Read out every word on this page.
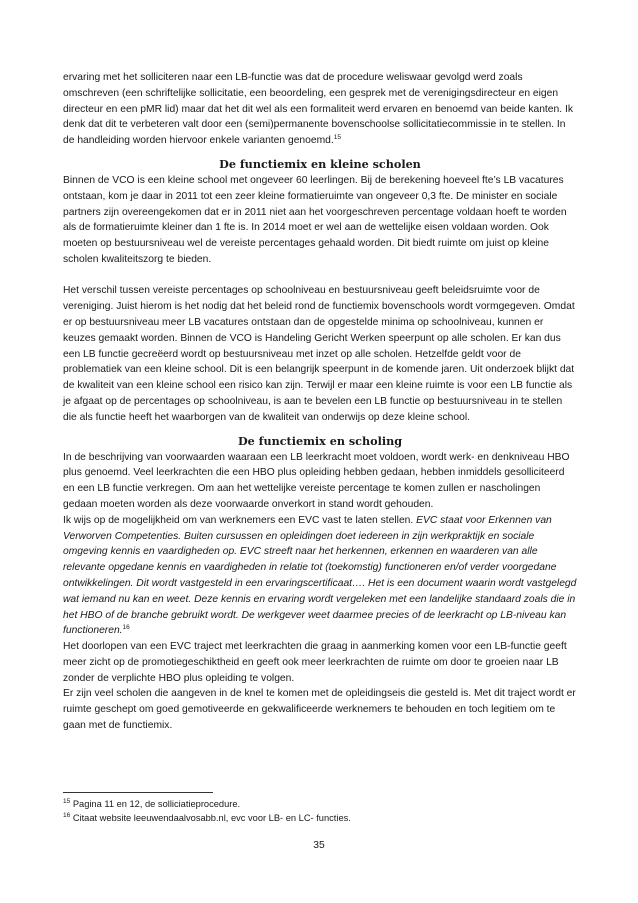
ervaring met het solliciteren naar een LB-functie was dat de procedure weliswaar gevolgd werd zoals omschreven (een schriftelijke sollicitatie, een beoordeling, een gesprek met de verenigingsdirecteur en eigen directeur en een pMR lid) maar dat het dit wel als een formaliteit werd ervaren en benoemd van beide kanten. Ik denk dat dit te verbeteren valt door een (semi)permanente bovenschoolse sollicitatiecommissie in te stellen. In de handleiding worden hiervoor enkele varianten genoemd.$^{15}$

De functiemix en kleine scholen

Binnen de VCO is een kleine school met ongeveer 60 leerlingen. Bij de berekening hoeveel fte’s LB vacatures ontstaan, kom je daar in 2011 tot een zeer kleine formatieruimte van ongeveer 0,3 fte. De minister en sociale partners zijn overeengekomen dat er in 2011 niet aan het voorgeschreven percentage voldaan hoeft te worden als de formatieruimte kleiner dan 1 fte is. In 2014 moet er wel aan de wettelijke eisen voldaan worden. Ook moeten op bestuursniveau wel de vereiste percentages gehaald worden. Dit biedt ruimte om juist op kleine scholen kwaliteitszorg te bieden.

Het verschil tussen vereiste percentages op schoolniveau en bestuursniveau geeft beleidsruimte voor de vereniging. Juist hierom is het nodig dat het beleid rond de functiemix bovenschools wordt vormgegeven. Omdat er op bestuursniveau meer LB vacatures ontstaan dan de opgestelde minima op schoolniveau, kunnen er keuzes gemaakt worden. Binnen de VCO is Handeling Gericht Werken speerpunt op alle scholen. Er kan dus een LB functie gecreëerd wordt op bestuursniveau met inzet op alle scholen. Hetzelfde geldt voor de problematiek van een kleine school. Dit is een belangrijk speerpunt in de komende jaren. Uit onderzoek blijkt dat de kwaliteit van een kleine school een risico kan zijn. Terwijl er maar een kleine ruimte is voor een LB functie als je afgaat op de percentages op schoolniveau, is aan te bevelen een LB functie op bestuursniveau in te stellen die als functie heeft het waarborgen van de kwaliteit van onderwijs op deze kleine school.

De functiemix en scholing

In de beschrijving van voorwaarden waaraan een LB leerkracht moet voldoen, wordt werk- en denkniveau HBO plus genoemd. Veel leerkrachten die een HBO plus opleiding hebben gedaan, hebben inmiddels gesolliciteerd en een LB functie verkregen. Om aan het wettelijke vereiste percentage te komen zullen er nascholingen gedaan moeten worden als deze voorwaarde onverkort in stand wordt gehouden.

Ik wijs op de mogelijkheid om van werknemers een EVC vast te laten stellen. EVC staat voor Erkennen van Verworven Competenties. Buiten cursussen en opleidingen doet iedereen in zijn werkpraktijk en sociale omgeving kennis en vaardigheden op. EVC streeft naar het herkennen, erkennen en waarderen van alle relevante opgedane kennis en vaardigheden in relatie tot (toekomstig) functioneren en/of verder voorgedane ontwikkelingen. Dit wordt vastgesteld in een ervaringscertificaat…. Het is een document waarin wordt vastgelegd wat iemand nu kan en weet. Deze kennis en ervaring wordt vergeleken met een landelijke standaard zoals die in het HBO of de branche gebruikt wordt. De werkgever weet daarmee precies of de leerkracht op LB-niveau kan functioneren.$^{16}$

Het doorlopen van een EVC traject met leerkrachten die graag in aanmerking komen voor een LB-functie geeft meer zicht op de promotiegeschiktheid en geeft ook meer leerkrachten de ruimte om door te groeien naar LB zonder de verplichte HBO plus opleiding te volgen.

Er zijn veel scholen die aangeven in de knel te komen met de opleidingseis die gesteld is. Met dit traject wordt er ruimte geschept om goed gemotiveerde en gekwalificeerde werknemers te behouden en toch legitiem om te gaan met de functiemix.

$^{15}$ Pagina 11 en 12, de solliciatieprocedure.
$^{16}$ Citaat website leeuwendaalvosabb.nl, evc voor LB- en LC- functies.
35
